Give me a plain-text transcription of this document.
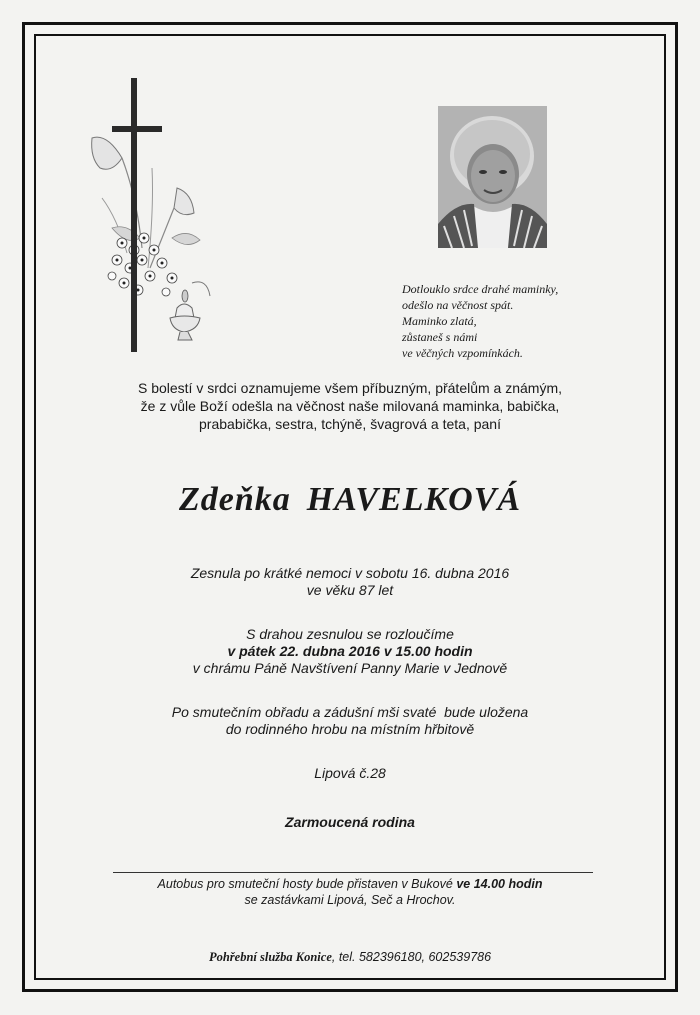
Dotlouklo srdce drahé maminky,
odešlo na věčnost spát.
Maminko zlatá,
zůstaneš s námi
ve věčných vzpomínkách.
S bolestí v srdci oznamujeme všem příbuzným, přátelům a známým,
že z vůle Boží odešla na věčnost naše milovaná maminka, babička,
prababička, sestra, tchýně, švagrová a teta, paní
Zdeňka HAVELKOVÁ
Zesnula po krátké nemoci v sobotu 16. dubna 2016
ve věku 87 let
S drahou zesnulou se rozloučíme
v pátek 22. dubna 2016 v 15.00 hodin
v chrámu Páně Navštívení Panny Marie v Jednově
Po smutečním obřadu a zádušní mši svaté  bude uložena
do rodinného hrobu na místním hřbitově
Lipová č.28
Zarmoucená rodina
Autobus pro smuteční hosty bude přistaven v Bukové ve 14.00 hodin
se zastávkami Lipová, Seč a Hrochov.
Pohřební služba Konice, tel. 582396180, 602539786
